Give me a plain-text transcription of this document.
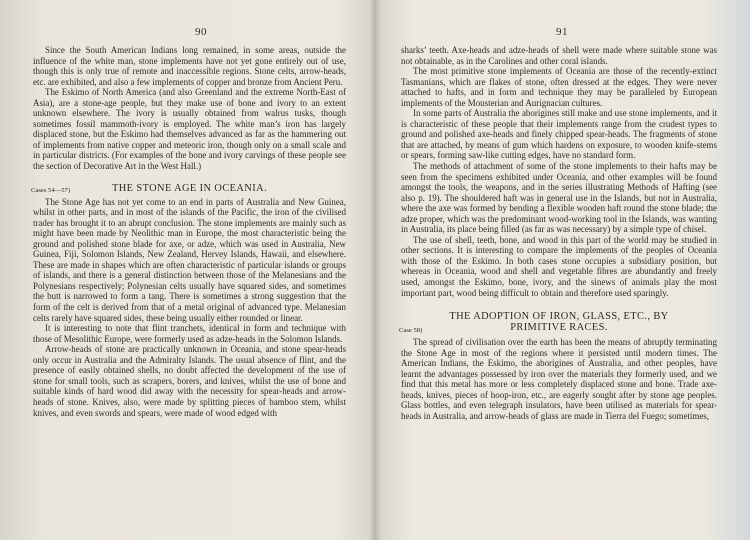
90

Since the South American Indians long remained, in some areas, outside the influence of the white man, stone implements have not yet gone entirely out of use, though this is only true of remote and inaccessible regions. Stone celts, arrow-heads, etc. are exhibited, and also a few implements of copper and bronze from Ancient Peru.

The Eskimo of North America (and also Greenland and the extreme North-East of Asia), are a stone-age people, but they make use of bone and ivory to an extent unknown elsewhere. The ivory is usually obtained from walrus tusks, though sometimes fossil mammoth-ivory is employed. The white man’s iron has largely displaced stone, but the Eskimo had themselves advanced as far as the hammering out of implements from native copper and meteoric iron, though only on a small scale and in particular districts. (For examples of the bone and ivory carvings of these people see the section of Decorative Art in the West Hall.)

Cases 54—57)	THE STONE AGE IN OCEANIA.

The Stone Age has not yet come to an end in parts of Australia and New Guinea, whilst in other parts, and in most of the islands of the Pacific, the iron of the civilised trader has brought it to an abrupt conclusion. The stone implements are mainly such as might have been made by Neolithic man in Europe, the most characteristic being the ground and polished stone blade for axe, or adze, which was used in Australia, New Guinea, Fiji, Solomon Islands, New Zealand, Hervey Islands, Hawaii, and elsewhere. These are made in shapes which are often characteristic of particular islands or groups of islands, and there is a general distinction between those of the Melanesians and the Polynesians respectively; Polynesian celts usually have squared sides, and sometimes the butt is narrowed to form a tang. There is sometimes a strong suggestion that the form of the celt is derived from that of a metal original of advanced type. Melanesian celts rarely have squared sides, these being usually either rounded or linear.

It is interesting to note that flint tranchets, identical in form and technique with those of Mesolithic Europe, were formerly used as adze-heads in the Solomon Islands.

Arrow-heads of stone are practically unknown in Oceania, and stone spear-heads only occur in Australia and the Admiralty Islands. The usual absence of flint, and the presence of easily obtained shells, no doubt affected the development of the use of stone for small tools, such as scrapers, borers, and knives, whilst the use of bone and suitable kinds of hard wood did away with the necessity for spear-heads and arrow-heads of stone. Knives, also, were made by splitting pieces of bamboo stem, whilst knives, and even swords and spears, were made of wood edged with

91

sharks’ teeth. Axe-heads and adze-heads of shell were made where suitable stone was not obtainable, as in the Carolines and other coral islands.

The most primitive stone implements of Oceania are those of the recently-extinct Tasmanians, which are flakes of stone, often dressed at the edges. They were never attached to hafts, and in form and technique they may be paralleled by European implements of the Mousterian and Aurignacian cultures.

In some parts of Australia the aborigines still make and use stone implements, and it is characteristic of these people that their implements range from the crudest types to ground and polished axe-heads and finely chipped spear-heads. The fragments of stone that are attached, by means of gum which hardens on exposure, to wooden knife-stems or spears, forming saw-like cutting edges, have no standard form.

The methods of attachment of some of the stone implements to their hafts may be seen from the specimens exhibited under Oceania, and other examples will be found amongst the tools, the weapons, and in the series illustrating Methods of Hafting (see also p. 19). The shouldered haft was in general use in the Islands, but not in Australia, where the axe was formed by bending a flexible wooden haft round the stone blade; the adze proper, which was the predominant wood-working tool in the Islands, was wanting in Australia, its place being filled (as far as was necessary) by a simple type of chisel.

The use of shell, teeth, bone, and wood in this part of the world may be studied in other sections. It is interesting to compare the implements of the peoples of Oceania with those of the Eskimo. In both cases stone occupies a subsidiary position, but whereas in Oceania, wood and shell and vegetable fibres are abundantly and freely used, amongst the Eskimo, bone, ivory, and the sinews of animals play the most important part, wood being difficult to obtain and therefore used sparingly.

Case 58)
THE ADOPTION OF IRON, GLASS, ETC., BY
PRIMITIVE RACES.

The spread of civilisation over the earth has been the means of abruptly terminating the Stone Age in most of the regions where it persisted until modern times. The American Indians, the Eskimo, the aborigines of Australia, and other peoples, have learnt the advantages possessed by iron over the materials they formerly used, and we find that this metal has more or less completely displaced stone and bone. Trade axe-heads, knives, pieces of hoop-iron, etc., are eagerly sought after by stone age peoples. Glass bottles, and even telegraph insulators, have been utilised as materials for spear-heads in Australia, and arrow-heads of glass are made in Tierra del Fuego; sometimes,
